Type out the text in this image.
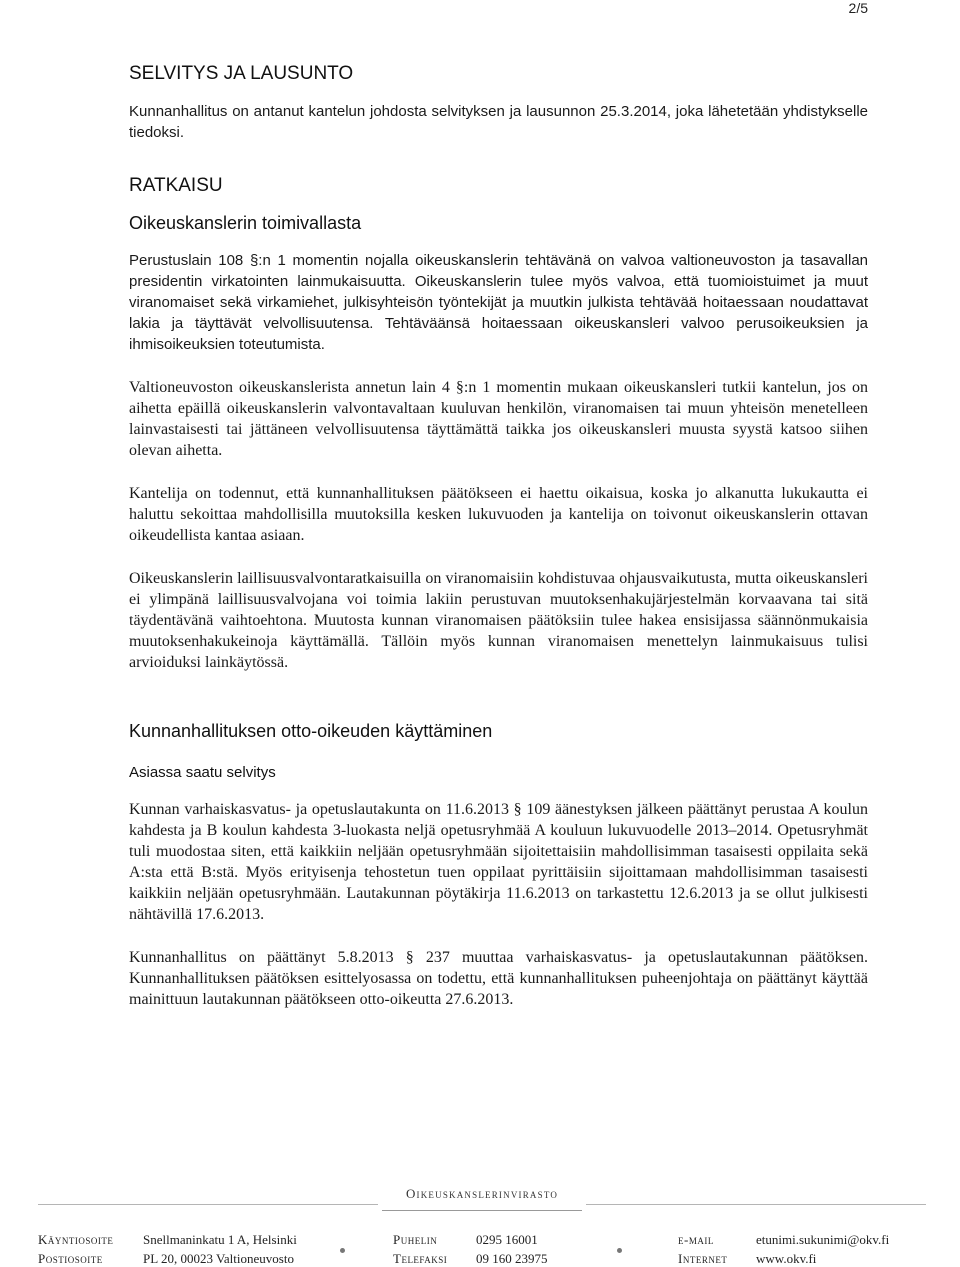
2/5
SELVITYS JA LAUSUNTO

Kunnanhallitus on antanut kantelun johdosta selvityksen ja lausunnon 25.3.2014, joka lähetetään yhdistykselle tiedoksi.

RATKAISU
Oikeuskanslerin toimivallasta

Perustuslain 108 §:n 1 momentin nojalla oikeuskanslerin tehtävänä on valvoa valtioneuvoston ja tasavallan presidentin virkatointen lainmukaisuutta. Oikeuskanslerin tulee myös valvoa, että tuomioistuimet ja muut viranomaiset sekä virkamiehet, julkisyhteisön työntekijät ja muutkin julkista tehtävää hoitaessaan noudattavat lakia ja täyttävät velvollisuutensa. Tehtäväänsä hoitaessaan oikeuskansleri valvoo perusoikeuksien ja ihmisoikeuksien toteutumista.

Valtioneuvoston oikeuskanslerista annetun lain 4 §:n 1 momentin mukaan oikeuskansleri tutkii kantelun, jos on aihetta epäillä oikeuskanslerin valvontavaltaan kuuluvan henkilön, viranomaisen tai muun yhteisön menetelleen lainvastaisesti tai jättäneen velvollisuutensa täyttämättä taikka jos oikeuskansleri muusta syystä katsoo siihen olevan aihetta.

Kantelija on todennut, että kunnanhallituksen päätökseen ei haettu oikaisua, koska jo alkanutta lukukautta ei haluttu sekoittaa mahdollisilla muutoksilla kesken lukuvuoden ja kantelija on toivonut oikeuskanslerin ottavan oikeudellista kantaa asiaan.

Oikeuskanslerin laillisuusvalvontaratkaisuilla on viranomaisiin kohdistuvaa ohjausvaikutusta, mutta oikeuskansleri ei ylimpänä laillisuusvalvojana voi toimia lakiin perustuvan muutoksenhakujärjestelmän korvaavana tai sitä täydentävänä vaihtoehtona. Muutosta kunnan viranomaisen päätöksiin tulee hakea ensisijassa säännönmukaisia muutoksenhakukeinoja käyttämällä. Tällöin myös kunnan viranomaisen menettelyn lainmukaisuus tulisi arvioiduksi lainkäytössä.

Kunnanhallituksen otto-oikeuden käyttäminen
Asiassa saatu selvitys

Kunnan varhaiskasvatus- ja opetuslautakunta on 11.6.2013 § 109 äänestyksen jälkeen päättänyt perustaa A koulun kahdesta ja B koulun kahdesta 3-luokasta neljä opetusryhmää A kouluun lukuvuodelle 2013–2014. Opetusryhmät tuli muodostaa siten, että kaikkiin neljään opetusryhmään sijoitettaisiin mahdollisimman tasaisesti oppilaita sekä A:sta että B:stä. Myös erityisenja tehostetun tuen oppilaat pyrittäisiin sijoittamaan mahdollisimman tasaisesti kaikkiin neljään opetusryhmään. Lautakunnan pöytäkirja 11.6.2013 on tarkastettu 12.6.2013 ja se ollut julkisesti nähtävillä 17.6.2013.

Kunnanhallitus on päättänyt 5.8.2013 § 237 muuttaa varhaiskasvatus- ja opetuslautakunnan päätöksen. Kunnanhallituksen päätöksen esittelyosassa on todettu, että kunnanhallituksen puheenjohtaja on päättänyt käyttää mainittuun lautakunnan päätökseen otto-oikeutta 27.6.2013.

Oikeuskanslerinvirasto
Käyntiosoite Snellmaninkatu 1 A, Helsinki
Postiosoite	PL 20, 00023 Valtioneuvosto
Puhelin	0295 16001
Telefaksi 09 160 23975
e-mail	etunimi.sukunimi@okv.fi
Internet www.okv.fi
